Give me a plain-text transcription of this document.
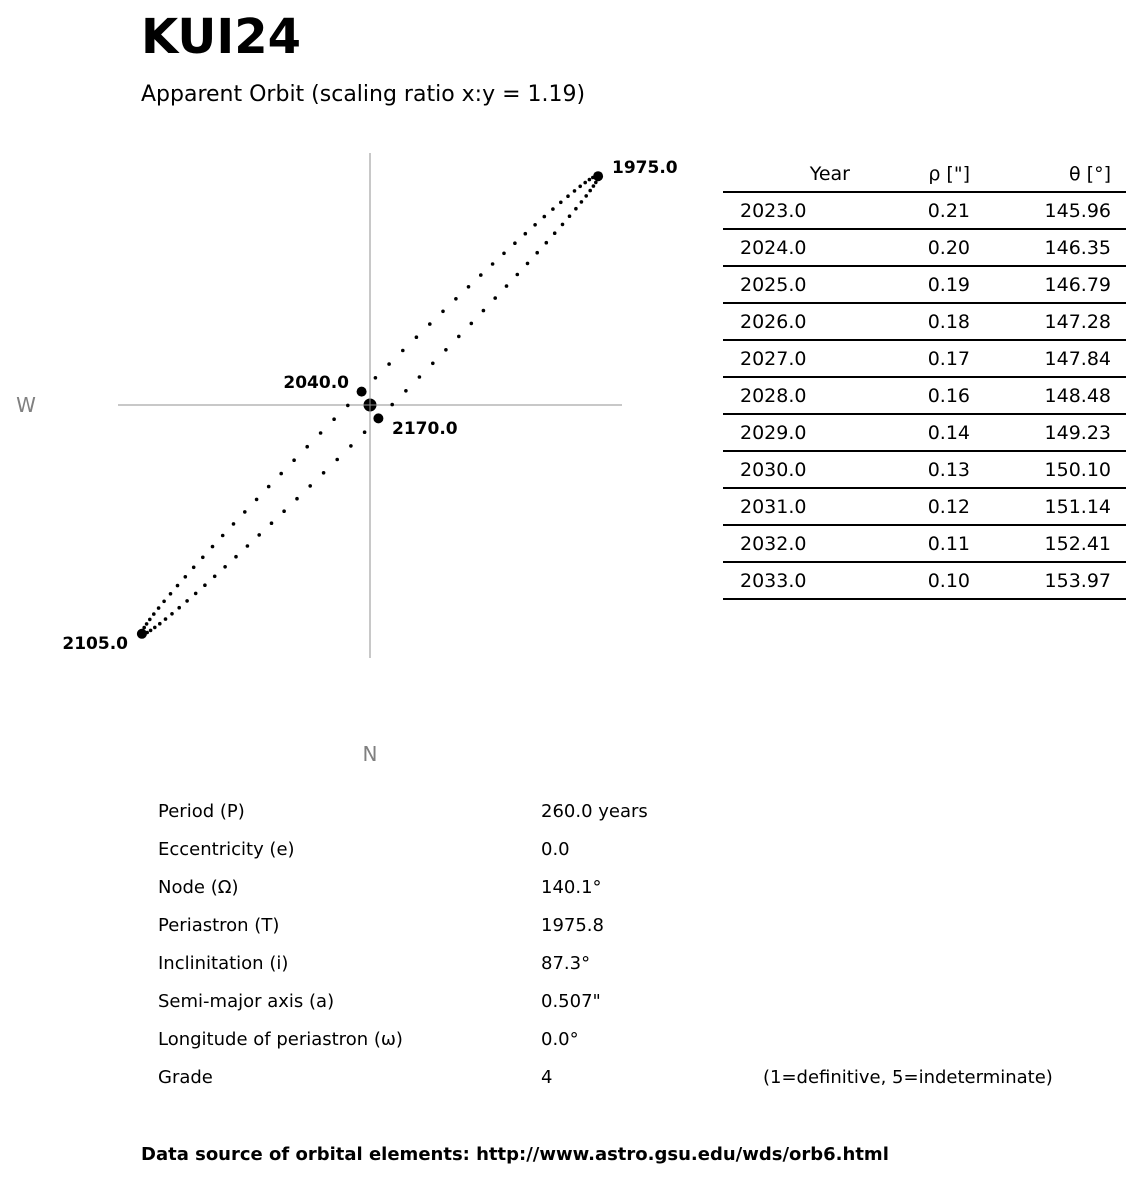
KUI24
Apparent Orbit (scaling ratio x:y = 1.19)
W
N
1975.0
2040.0
2105.0
2170.0
Year	ρ ["]	θ [°]
2023.0	0.21	145.96
2024.0	0.20	146.35
2025.0	0.19	146.79
2026.0	0.18	147.28
2027.0	0.17	147.84
2028.0	0.16	148.48
2029.0	0.14	149.23
2030.0	0.13	150.10
2031.0	0.12	151.14
2032.0	0.11	152.41
2033.0	0.10	153.97
Period (P)	260.0 years
Eccentricity (e)	0.0
Node (Ω)	140.1°
Periastron (T)	1975.8
Inclinitation (i)	87.3°
Semi-major axis (a)	0.507"
Longitude of periastron (ω)	0.0°
Grade	4	(1=definitive, 5=indeterminate)
Data source of orbital elements: http://www.astro.gsu.edu/wds/orb6.html
